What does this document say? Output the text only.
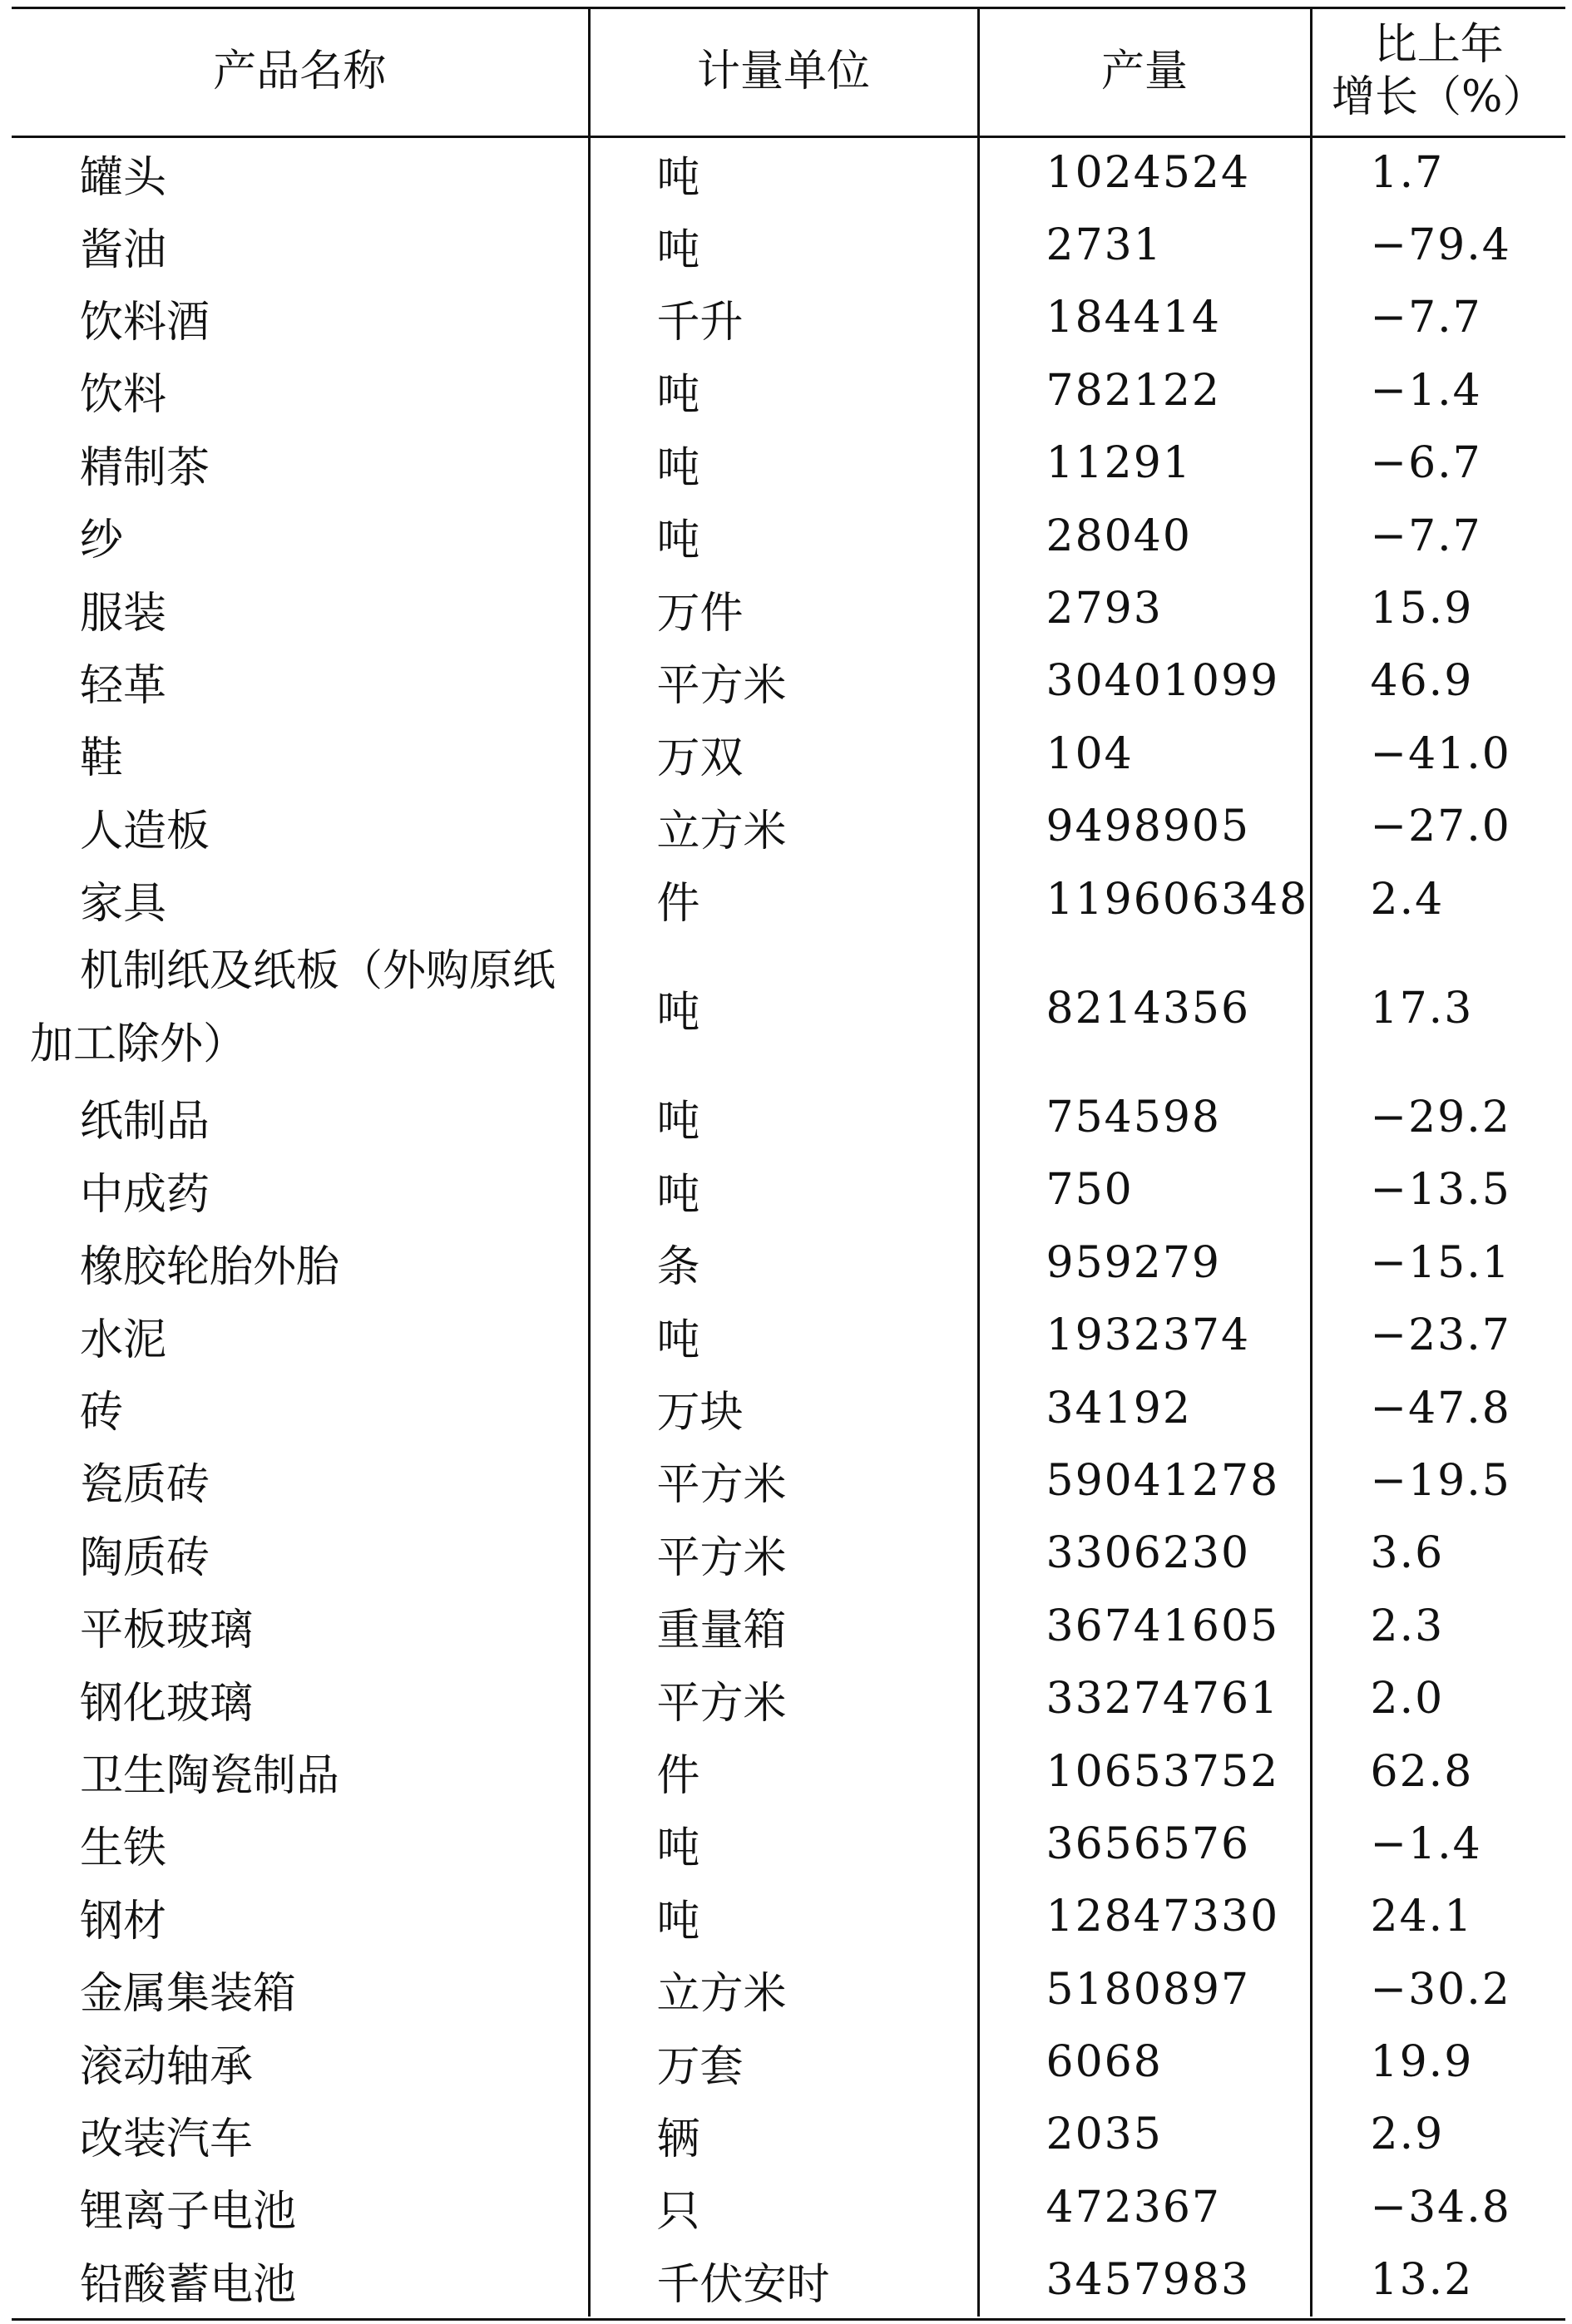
产品名称	计量单位	产量	比上年
增长（%）

罐头	吨	1024524	1.7
酱油	吨	2731	−79.4
饮料酒	千升	184414	−7.7
饮料	吨	782122	−1.4
精制茶	吨	11291	−6.7
纱	吨	28040	−7.7
服装	万件	2793	15.9
轻革	平方米	30401099	46.9
鞋	万双	104	−41.0
人造板	立方米	9498905	−27.0
家具	件	119606348	2.4
机制纸及纸板（外购原纸加工除外）	吨	8214356	17.3
纸制品	吨	754598	−29.2
中成药	吨	750	−13.5
橡胶轮胎外胎	条	959279	−15.1
水泥	吨	1932374	−23.7
砖	万块	34192	−47.8
瓷质砖	平方米	59041278	−19.5
陶质砖	平方米	3306230	3.6
平板玻璃	重量箱	36741605	2.3
钢化玻璃	平方米	33274761	2.0
卫生陶瓷制品	件	10653752	62.8
生铁	吨	3656576	−1.4
钢材	吨	12847330	24.1
金属集装箱	立方米	5180897	−30.2
滚动轴承	万套	6068	19.9
改装汽车	辆	2035	2.9
锂离子电池	只	472367	−34.8
铅酸蓄电池	千伏安时	3457983	13.2
